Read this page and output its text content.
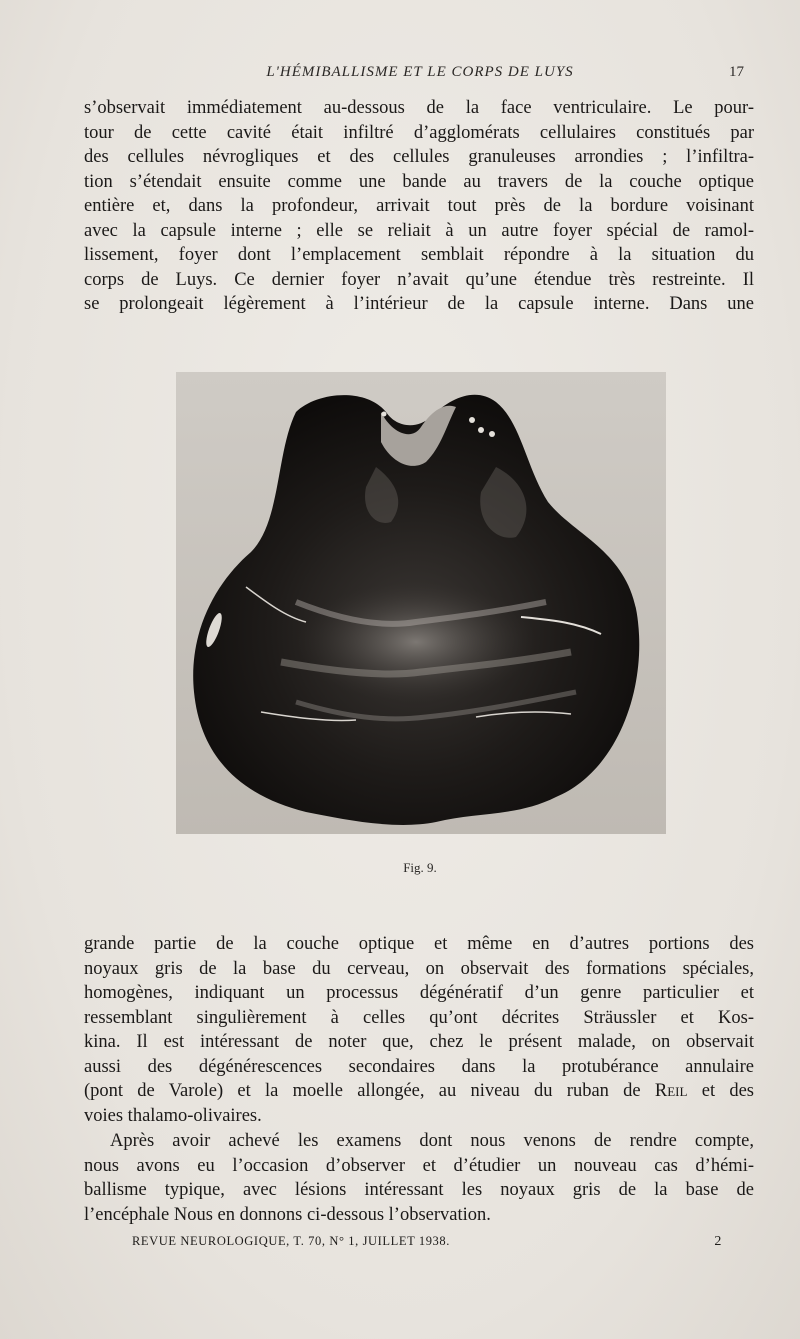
L'HÉMIBALLISME ET LE CORPS DE LUYS	17

s’observait immédiatement au-dessous de la face ventriculaire. Le pour-
tour de cette cavité était infiltré d’agglomérats cellulaires constitués par
des cellules névrogliques et des cellules granuleuses arrondies ; l’infiltra-
tion s’étendait ensuite comme une bande au travers de la couche optique
entière et, dans la profondeur, arrivait tout près de la bordure voisinant
avec la capsule interne ; elle se reliait à un autre foyer spécial de ramol-
lissement, foyer dont l’emplacement semblait répondre à la situation du
corps de Luys. Ce dernier foyer n’avait qu’une étendue très restreinte. Il
se prolongeait légèrement à l’intérieur de la capsule interne. Dans une

Fig. 9.

grande partie de la couche optique et même en d’autres portions des
noyaux gris de la base du cerveau, on observait des formations spéciales,
homogènes, indiquant un processus dégénératif d’un genre particulier et
ressemblant singulièrement à celles qu’ont décrites Sträussler et Kos-
kina. Il est intéressant de noter que, chez le présent malade, on observait
aussi des dégénérescences secondaires dans la protubérance annulaire
(pont de Varole) et la moelle allongée, au niveau du ruban de Reil et des
voies thalamo-olivaires.

Après avoir achevé les examens dont nous venons de rendre compte,
nous avons eu l’occasion d’observer et d’étudier un nouveau cas d’hémi-
ballisme typique, avec lésions intéressant les noyaux gris de la base de
l’encéphale Nous en donnons ci-dessous l’observation.

REVUE NEUROLOGIQUE, T. 70, N° 1, JUILLET 1938.	2
